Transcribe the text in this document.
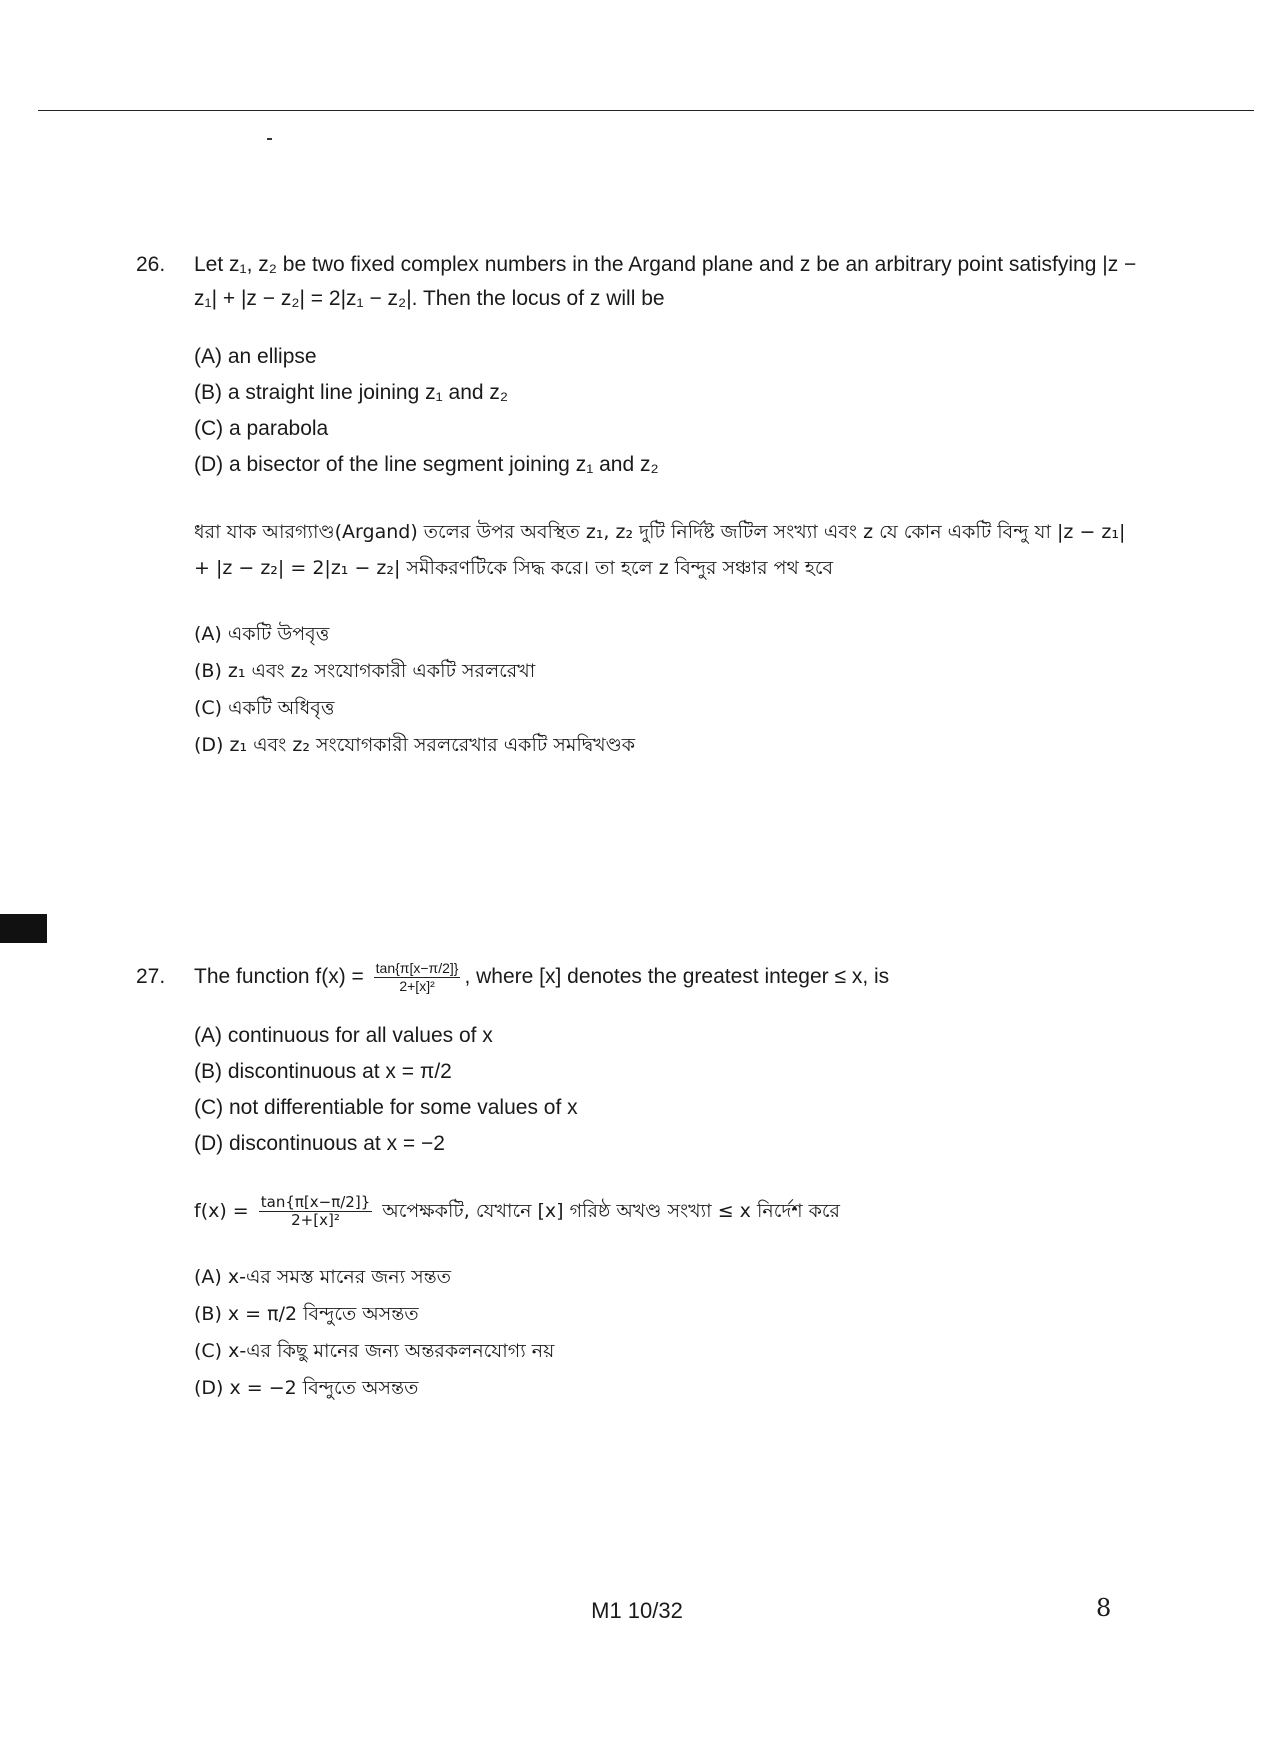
26. Let z₁, z₂ be two fixed complex numbers in the Argand plane and z be an arbitrary point satisfying |z − z₁| + |z − z₂| = 2|z₁ − z₂|. Then the locus of z will be
(A) an ellipse
(B) a straight line joining z₁ and z₂
(C) a parabola
(D) a bisector of the line segment joining z₁ and z₂
ধরা যাক আরগ্যাণ্ড(Argand) তলের উপর অবস্থিত z₁, z₂ দুটি নির্দিষ্ট জটিল সংখ্যা এবং z যে কোন একটি বিন্দু যা |z − z₁| + |z − z₂| = 2|z₁ − z₂| সমীকরণটিকে সিদ্ধ করে। তা হলে z বিন্দুর সঞ্চার পথ হবে
(A) একটি উপবৃত্ত
(B) z₁ এবং z₂ সংযোগকারী একটি সরলরেখা
(C) একটি অধিবৃত্ত
(D) z₁ এবং z₂ সংযোগকারী সরলরেখার একটি সমদ্বিখণ্ডক
27. The function $f(x) = \frac{\tan\{\pi[x-\pi/2]\}}{\text{2+[x]²}}$ , where [x] denotes the greatest integer ≤ x, is
(A) continuous for all values of x
(B) discontinuous at x = π/2
(C) not differentiable for some values of x
(D) discontinuous at x = −2
$f(x) = \frac{\tan\{\pi[x-\pi/2]\}}{\text{2+[x]²}}$ অপেক্ষকটি, যেখানে [x] গরিষ্ঠ অখণ্ড সংখ্যা ≤ x নির্দেশ করে
(A) x-এর সমস্ত মানের জন্য সন্তত
(B) x = π/2 বিন্দুতে অসন্তত
(C) x-এর কিছু মানের জন্য অন্তরকলনযোগ্য নয়
(D) x = −2 বিন্দুতে অসন্তত
M1 10/32	8
